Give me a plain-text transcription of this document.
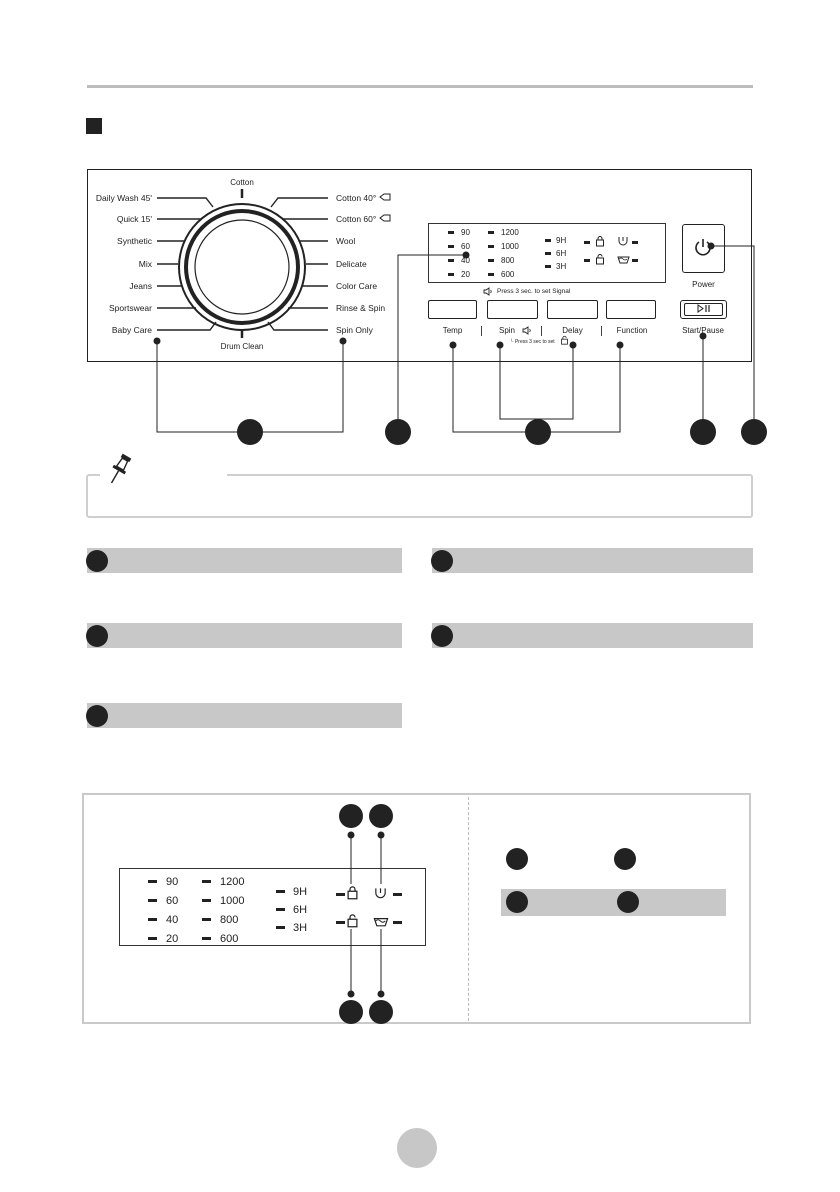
Cotton
Daily Wash 45'
Quick 15'
Synthetic
Mix
Jeans
Sportswear
Baby Care
Cotton 40°
Cotton 60°
Wool
Delicate
Color Care
Rinse & Spin
Spin Only
Drum Clean
90
60
40
20
1200
1000
800
600
9H
6H
3H
Press 3 sec. to set Signal
Temp	Spin	Delay	Function
└ Press 3 sec to set
Power
Start/Pause
90
60
40
20
1200
1000
800
600
9H
6H
3H
